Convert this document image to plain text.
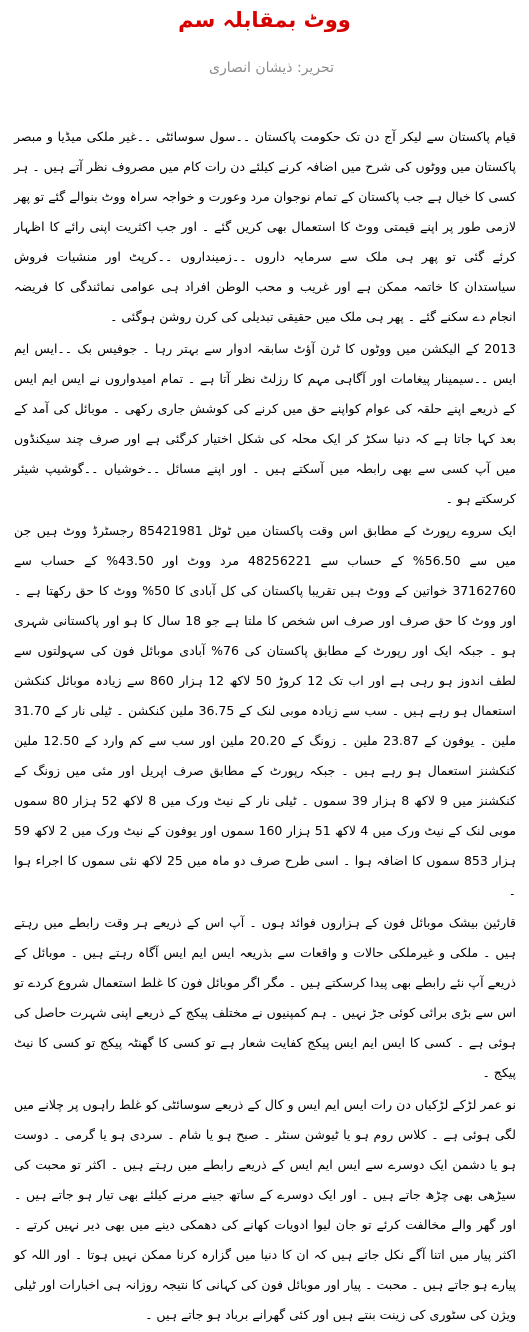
ووٹ بمقابلہ سم
تحریر: ذیشان انصاری

قیام پاکستان سے لیکر آج دن تک حکومت پاکستان ۔۔سول سوسائٹی ۔۔غیر ملکی میڈیا و مبصر پاکستان میں ووٹوں کی شرح میں اضافہ کرنے کیلئے دن رات کام میں مصروف نظر آتے ہیں ۔ ہر کسی کا خیال ہے جب پاکستان کے تمام نوجوان مرد وعورت و خواجہ سراہ ووٹ بنوالے گئے تو پھر لازمی طور پر اپنے قیمتی ووٹ کا استعمال بھی کریں گئے ۔ اور جب اکثریت اپنی رائے کا اظہار کرئے گئی تو پھر ہی ملک سے سرمایہ داروں ۔۔زمینداروں ۔۔کرپٹ اور منشیات فروش سیاستدان کا خاتمہ ممکن ہے اور غریب و محب الوطن افراد ہی عوامی نمائندگی کا فریضہ انجام دے سکنے گئے ۔ پھر ہی ملک میں حقیقی تبدیلی کی کرن روشن ہوگئی ۔

2013 کے الیکشن میں ووٹوں کا ٹرن آؤٹ سابقہ ادوار سے بہتر رہا ۔ جوفیس بک ۔۔ایس ایم ایس ۔۔سیمینار پیغامات اور آگاہی مہم کا رزلٹ نظر آتا ہے ۔ تمام امیدواروں نے ایس ایم ایس کے ذریعے اپنے حلقہ کی عوام کواپنے حق میں کرنے کی کوشش جاری رکھی ۔ موبائل کی آمد کے بعد کہا جاتا ہے کہ دنیا سکڑ کر ایک محلہ کی شکل اختیار کرگئی ہے اور صرف چند سیکنڈوں میں آپ کسی سے بھی رابطہ میں آسکتے ہیں ۔ اور اپنے مسائل ۔۔خوشیاں ۔۔گوشیپ شیئر کرسکتے ہو ۔

ایک سروے رپورٹ کے مطابق اس وقت پاکستان میں ٹوٹل 85421981 رجسٹرڈ ووٹ ہیں جن میں سے 56.50% کے حساب سے 48256221 مرد ووٹ اور 43.50% کے حساب سے 37162760 خواتین کے ووٹ ہیں تقریبا پاکستان کی کل آبادی کا 50% ووٹ کا حق رکھتا ہے ۔ اور ووٹ کا حق صرف اور صرف اس شخص کا ملتا ہے جو 18 سال کا ہو اور پاکستانی شہری ہو ۔ جبکہ ایک اور رپورٹ کے مطابق پاکستان کی 76% آبادی موبائل فون کی سہولتوں سے لطف اندوز ہو رہی ہے اور اب تک 12 کروڑ 50 لاکھ 12 ہزار 860 سے زیادہ موبائل کنکشن استعمال ہو رہے ہیں ۔ سب سے زیادہ موبی لنک کے 36.75 ملین کنکشن ۔ ٹیلی نار کے 31.70 ملین ۔ یوفون کے 23.87 ملین ۔ زونگ کے 20.20 ملین اور سب سے کم وارد کے 12.50 ملین کنکشنز استعمال ہو رہے ہیں ۔ جبکہ رپورٹ کے مطابق صرف اپریل اور مئی میں زونگ کے کنکشنز میں 9 لاکھ 8 ہزار 39 سموں ۔ ٹیلی نار کے نیٹ ورک میں 8 لاکھ 52 ہزار 80 سموں موبی لنک کے نیٹ ورک میں 4 لاکھ 51 ہزار 160 سموں اور یوفون کے نیٹ ورک میں 2 لاکھ 59 ہزار 853 سموں کا اضافہ ہوا ۔ اسی طرح صرف دو ماہ میں 25 لاکھ نئی سموں کا اجراء ہوا ۔

قارئین بیشک موبائل فون کے ہزاروں فوائد ہوں ۔ آپ اس کے ذریعے ہر وقت رابطے میں رہتے ہیں ۔ ملکی و غیرملکی حالات و واقعات سے بذریعہ ایس ایم ایس آگاہ رہتے ہیں ۔ موبائل کے ذریعے آپ نئے رابطے بھی پیدا کرسکتے ہیں ۔ مگر اگر موبائل فون کا غلط استعمال شروع کردے تو اس سے بڑی برائی کوئی جڑ نہیں ۔ ہم کمپنیوں نے مختلف پیکج کے ذریعے اپنی شہرت حاصل کی ہوئی ہے ۔ کسی کا ایس ایم ایس پیکج کفایت شعار ہے تو کسی کا گھنٹہ پیکج تو کسی کا نیٹ پیکج ۔

نو عمر لڑکے لڑکیاں دن رات ایس ایم ایس و کال کے ذریعے سوسائٹی کو غلط راہوں پر چلانے میں لگی ہوئی ہے ۔ کلاس روم ہو یا ٹیوشن سنٹر ۔ صبح ہو یا شام ۔ سردی ہو یا گرمی ۔ دوست ہو یا دشمن ایک دوسرے سے ایس ایم ایس کے ذریعے رابطے میں رہتے ہیں ۔ اکثر تو محبت کی سیڑھی بھی چڑھ جاتے ہیں ۔ اور ایک دوسرے کے ساتھ جینے مرنے کیلئے بھی تیار ہو جاتے ہیں ۔ اور گھر والے مخالفت کرئے تو جان لیوا ادویات کھانے کی دھمکی دینے میں بھی دیر نہیں کرتے ۔ اکثر پیار میں اتنا آگے نکل جاتے ہیں کہ ان کا دنیا میں گزارہ کرنا ممکن نہیں ہوتا ۔ اور اللہ کو پیارے ہو جاتے ہیں ۔ محبت ۔ پیار اور موبائل فون کی کہانی کا نتیجہ روزانہ ہی اخبارات اور ٹیلی ویژن کی سٹوری کی زینت بنتے ہیں اور کئی گھرانے برباد ہو جاتے ہیں ۔
